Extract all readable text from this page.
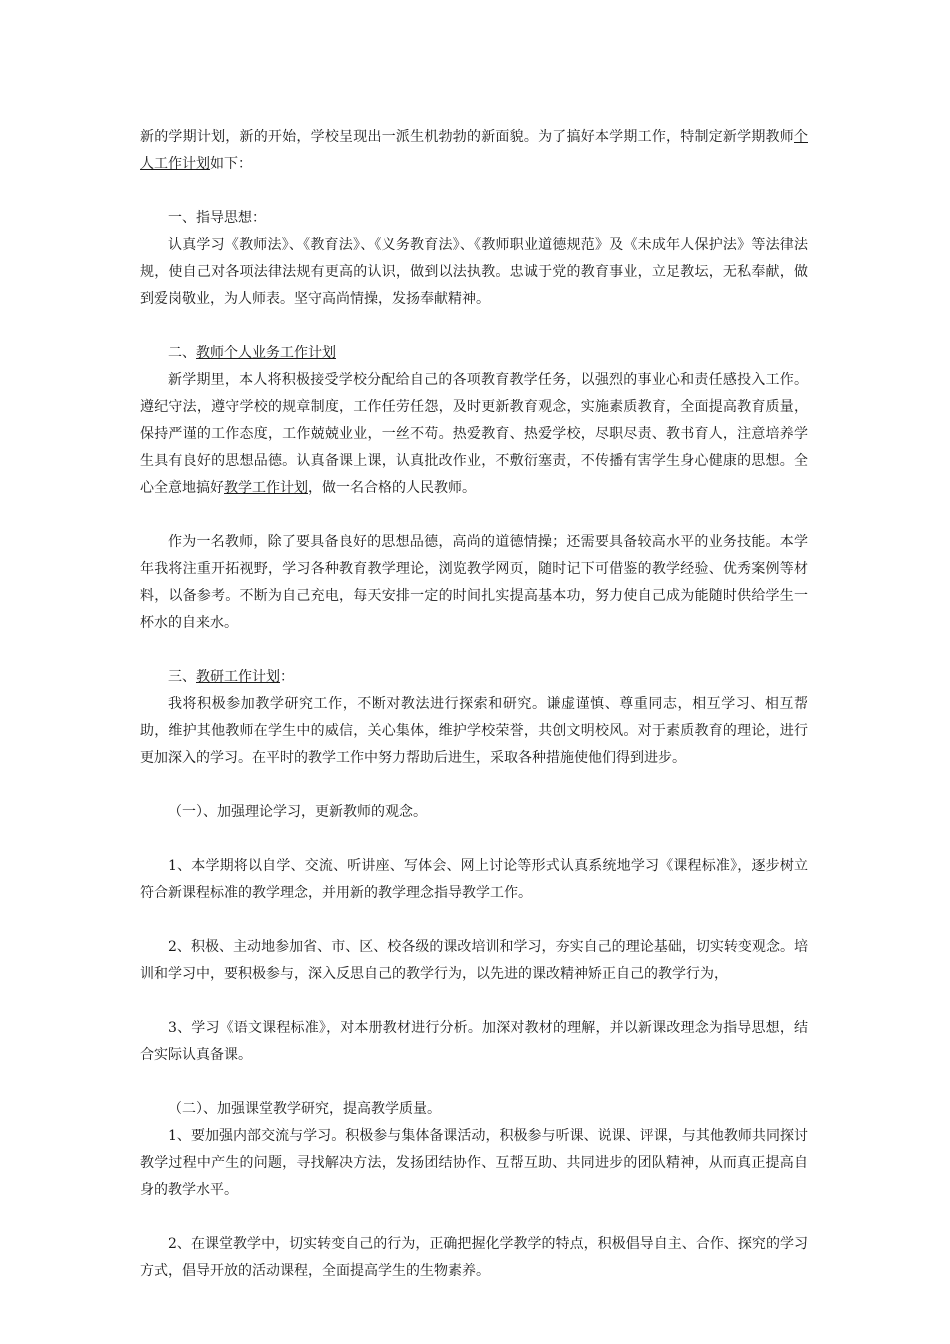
新的学期计划，新的开始，学校呈现出一派生机勃勃的新面貌。为了搞好本学期工作，特制定新学期教师个人工作计划如下：

一、指导思想：

认真学习《教师法》、《教育法》、《义务教育法》、《教师职业道德规范》及《未成年人保护法》等法律法规，使自己对各项法律法规有更高的认识，做到以法执教。忠诚于党的教育事业，立足教坛，无私奉献，做到爱岗敬业，为人师表。坚守高尚情操，发扬奉献精神。

二、教师个人业务工作计划

新学期里，本人将积极接受学校分配给自己的各项教育教学任务，以强烈的事业心和责任感投入工作。遵纪守法，遵守学校的规章制度，工作任劳任怨，及时更新教育观念，实施素质教育，全面提高教育质量，保持严谨的工作态度，工作兢兢业业，一丝不苟。热爱教育、热爱学校，尽职尽责、教书育人，注意培养学生具有良好的思想品德。认真备课上课，认真批改作业，不敷衍塞责，不传播有害学生身心健康的思想。全心全意地搞好教学工作计划，做一名合格的人民教师。

作为一名教师，除了要具备良好的思想品德，高尚的道德情操；还需要具备较高水平的业务技能。本学年我将注重开拓视野，学习各种教育教学理论，浏览教学网页，随时记下可借鉴的教学经验、优秀案例等材料，以备参考。不断为自己充电，每天安排一定的时间扎实提高基本功，努力使自己成为能随时供给学生一杯水的自来水。

三、教研工作计划：

我将积极参加教学研究工作，不断对教法进行探索和研究。谦虚谨慎、尊重同志，相互学习、相互帮助，维护其他教师在学生中的威信，关心集体，维护学校荣誉，共创文明校风。对于素质教育的理论，进行更加深入的学习。在平时的教学工作中努力帮助后进生，采取各种措施使他们得到进步。

（一）、加强理论学习，更新教师的观念。

1、本学期将以自学、交流、听讲座、写体会、网上讨论等形式认真系统地学习《课程标准》，逐步树立符合新课程标准的教学理念，并用新的教学理念指导教学工作。

2、积极、主动地参加省、市、区、校各级的课改培训和学习，夯实自己的理论基础，切实转变观念。培训和学习中，要积极参与，深入反思自己的教学行为，以先进的课改精神矫正自己的教学行为，

3、学习《语文课程标准》，对本册教材进行分析。加深对教材的理解，并以新课改理念为指导思想，结合实际认真备课。

（二）、加强课堂教学研究，提高教学质量。

1、要加强内部交流与学习。积极参与集体备课活动，积极参与听课、说课、评课，与其他教师共同探讨教学过程中产生的问题，寻找解决方法，发扬团结协作、互帮互助、共同进步的团队精神，从而真正提高自身的教学水平。

2、在课堂教学中，切实转变自己的行为，正确把握化学教学的特点，积极倡导自主、合作、探究的学习方式，倡导开放的活动课程，全面提高学生的生物素养。
